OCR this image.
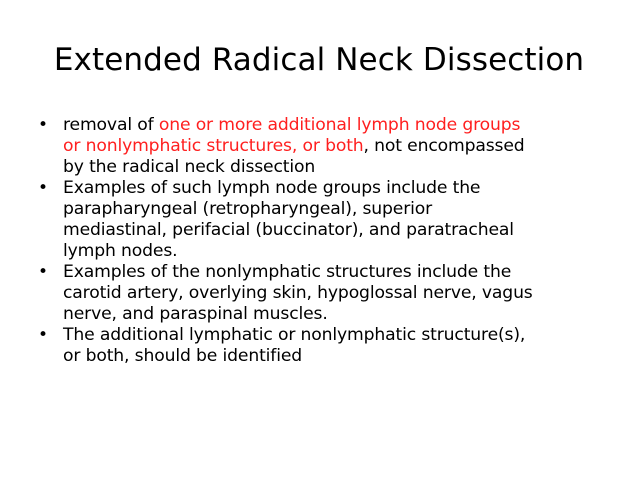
Extended Radical Neck Dissection
• removal of one or more additional lymph node groups
or nonlymphatic structures, or both, not encompassed
by the radical neck dissection
• Examples of such lymph node groups include the
parapharyngeal (retropharyngeal), superior
mediastinal, perifacial (buccinator), and paratracheal
lymph nodes.
• Examples of the nonlymphatic structures include the
carotid artery, overlying skin, hypoglossal nerve, vagus
nerve, and paraspinal muscles.
• The additional lymphatic or nonlymphatic structure(s),
or both, should be identified
